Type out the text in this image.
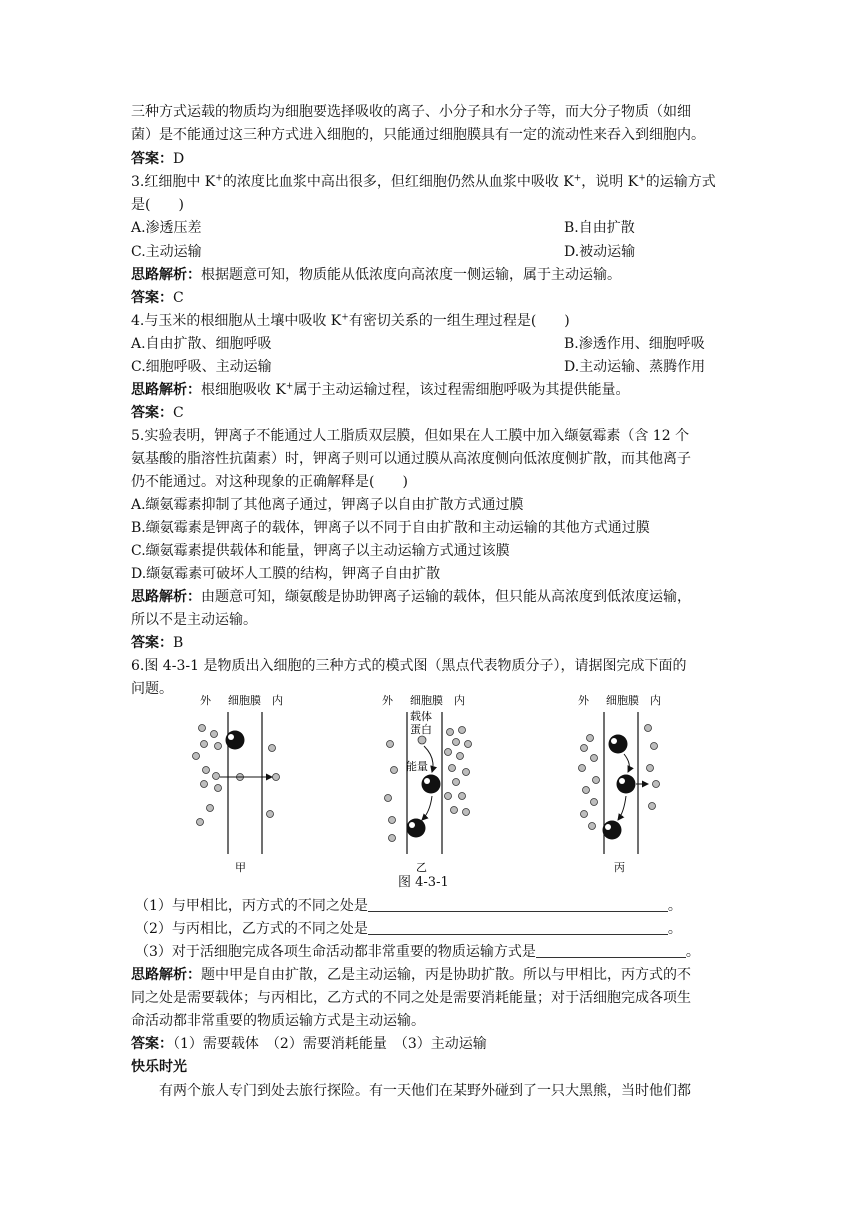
三种方式运载的物质均为细胞要选择吸收的离子、小分子和水分子等，而大分子物质（如细
菌）是不能通过这三种方式进入细胞的，只能通过细胞膜具有一定的流动性来吞入到细胞内。
答案：D
3.红细胞中 K+的浓度比血浆中高出很多，但红细胞仍然从血浆中吸收 K+，说明 K+的运输方式
是(　　)
A.渗透压差	B.自由扩散
C.主动运输	D.被动运输
思路解析：根据题意可知，物质能从低浓度向高浓度一侧运输，属于主动运输。
答案：C
4.与玉米的根细胞从土壤中吸收 K+有密切关系的一组生理过程是(　　)
A.自由扩散、细胞呼吸	B.渗透作用、细胞呼吸
C.细胞呼吸、主动运输	D.主动运输、蒸腾作用
思路解析：根细胞吸收 K+属于主动运输过程，该过程需细胞呼吸为其提供能量。
答案：C
5.实验表明，钾离子不能通过人工脂质双层膜，但如果在人工膜中加入缬氨霉素（含 12 个
氨基酸的脂溶性抗菌素）时，钾离子则可以通过膜从高浓度侧向低浓度侧扩散，而其他离子
仍不能通过。对这种现象的正确解释是(　　)
A.缬氨霉素抑制了其他离子通过，钾离子以自由扩散方式通过膜
B.缬氨霉素是钾离子的载体，钾离子以不同于自由扩散和主动运输的其他方式通过膜
C.缬氨霉素提供载体和能量，钾离子以主动运输方式通过该膜
D.缬氨霉素可破坏人工膜的结构，钾离子自由扩散
思路解析：由题意可知，缬氨酸是协助钾离子运输的载体，但只能从高浓度到低浓度运输，
所以不是主动运输。
答案：B
6.图 4-3-1 是物质出入细胞的三种方式的模式图（黑点代表物质分子），请据图完成下面的
问题。
外 细胞膜 内
甲
外 细胞膜 内
载体
蛋白
能量
乙
外 细胞膜 内
丙
图 4-3-1
（1）与甲相比，丙方式的不同之处是	。
（2）与丙相比，乙方式的不同之处是	。
（3）对于活细胞完成各项生命活动都非常重要的物质运输方式是	。
思路解析：题中甲是自由扩散，乙是主动运输，丙是协助扩散。所以与甲相比，丙方式的不
同之处是需要载体；与丙相比，乙方式的不同之处是需要消耗能量；对于活细胞完成各项生
命活动都非常重要的物质运输方式是主动运输。
答案：（1）需要载体　（2）需要消耗能量　（3）主动运输
快乐时光
有两个旅人专门到处去旅行探险。有一天他们在某野外碰到了一只大黑熊，当时他们都
